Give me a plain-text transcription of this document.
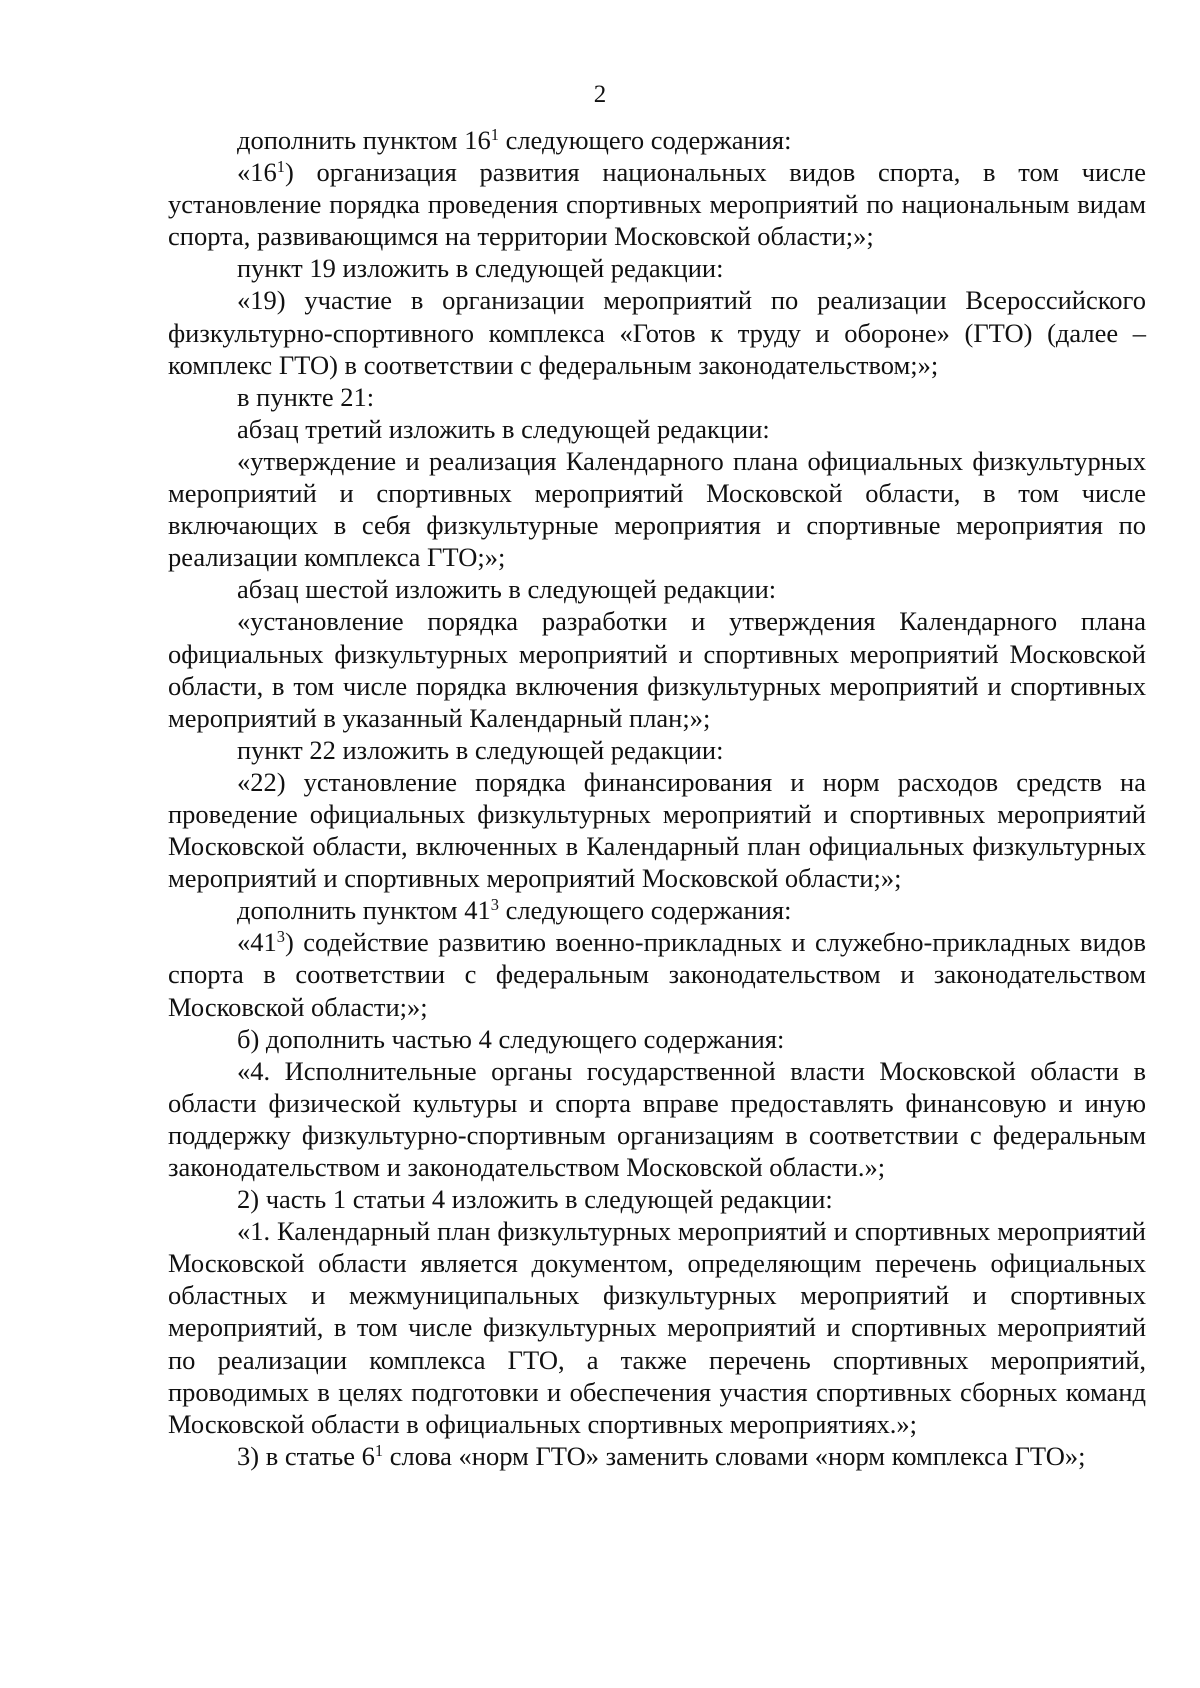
2

дополнить пунктом $16^1$ следующего содержания:

«$16^1$) организация развития национальных видов спорта, в том числе установление порядка проведения спортивных мероприятий по национальным видам спорта, развивающимся на территории Московской области;»;

пункт 19 изложить в следующей редакции:

«19) участие в организации мероприятий по реализации Всероссийского физкультурно-спортивного комплекса «Готов к труду и обороне» (ГТО) (далее – комплекс ГТО) в соответствии с федеральным законодательством;»;

в пункте 21:

абзац третий изложить в следующей редакции:

«утверждение и реализация Календарного плана официальных физкультурных мероприятий и спортивных мероприятий Московской области, в том числе включающих в себя физкультурные мероприятия и спортивные мероприятия по реализации комплекса ГТО;»;

абзац шестой изложить в следующей редакции:

«установление порядка разработки и утверждения Календарного плана официальных физкультурных мероприятий и спортивных мероприятий Московской области, в том числе порядка включения физкультурных мероприятий и спортивных мероприятий в указанный Календарный план;»;

пункт 22 изложить в следующей редакции:

«22) установление порядка финансирования и норм расходов средств на проведение официальных физкультурных мероприятий и спортивных мероприятий Московской области, включенных в Календарный план официальных физкультурных мероприятий и спортивных мероприятий Московской области;»;

дополнить пунктом $41^3$ следующего содержания:

«$41^3$) содействие развитию военно-прикладных и служебно-прикладных видов спорта в соответствии с федеральным законодательством и законодательством Московской области;»;

б) дополнить частью 4 следующего содержания:

«4. Исполнительные органы государственной власти Московской области в области физической культуры и спорта вправе предоставлять финансовую и иную поддержку физкультурно-спортивным организациям в соответствии с федеральным законодательством и законодательством Московской области.»;

2) часть 1 статьи 4 изложить в следующей редакции:

«1. Календарный план физкультурных мероприятий и спортивных мероприятий Московской области является документом, определяющим перечень официальных областных и межмуниципальных физкультурных мероприятий и спортивных мероприятий, в том числе физкультурных мероприятий и спортивных мероприятий по реализации комплекса ГТО, а также перечень спортивных мероприятий, проводимых в целях подготовки и обеспечения участия спортивных сборных команд Московской области в официальных спортивных мероприятиях.»;

3) в статье $6^1$ слова «норм ГТО» заменить словами «норм комплекса ГТО»;
